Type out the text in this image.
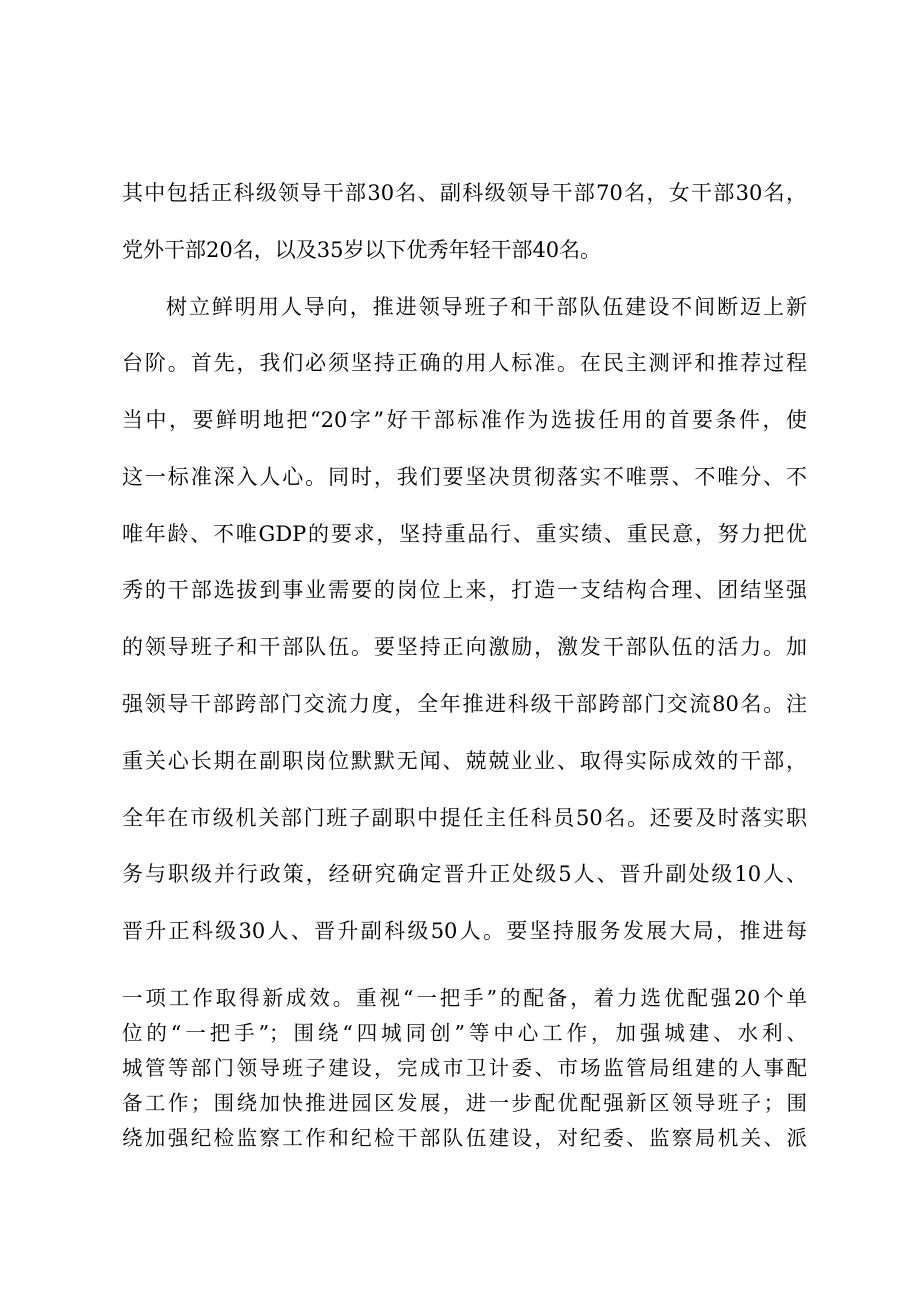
其中包括正科级领导干部30名、副科级领导干部70名，女干部30名，
党外干部20名，以及35岁以下优秀年轻干部40名。
树立鲜明用人导向，推进领导班子和干部队伍建设不间断迈上新
台阶。首先，我们必须坚持正确的用人标准。在民主测评和推荐过程
当中，要鲜明地把“20字”好干部标准作为选拔任用的首要条件，使
这一标准深入人心。同时，我们要坚决贯彻落实不唯票、不唯分、不
唯年龄、不唯GDP的要求，坚持重品行、重实绩、重民意，努力把优
秀的干部选拔到事业需要的岗位上来，打造一支结构合理、团结坚强
的领导班子和干部队伍。要坚持正向激励，激发干部队伍的活力。加
强领导干部跨部门交流力度，全年推进科级干部跨部门交流80名。注
重关心长期在副职岗位默默无闻、兢兢业业、取得实际成效的干部，
全年在市级机关部门班子副职中提任主任科员50名。还要及时落实职
务与职级并行政策，经研究确定晋升正处级5人、晋升副处级10人、
晋升正科级30人、晋升副科级50人。要坚持服务发展大局，推进每
一项工作取得新成效。重视“一把手”的配备，着力选优配强20个单
位的“一把手”；围绕“四城同创”等中心工作，加强城建、水利、
城管等部门领导班子建设，完成市卫计委、市场监管局组建的人事配
备工作；围绕加快推进园区发展，进一步配优配强新区领导班子；围
绕加强纪检监察工作和纪检干部队伍建设，对纪委、监察局机关、派
